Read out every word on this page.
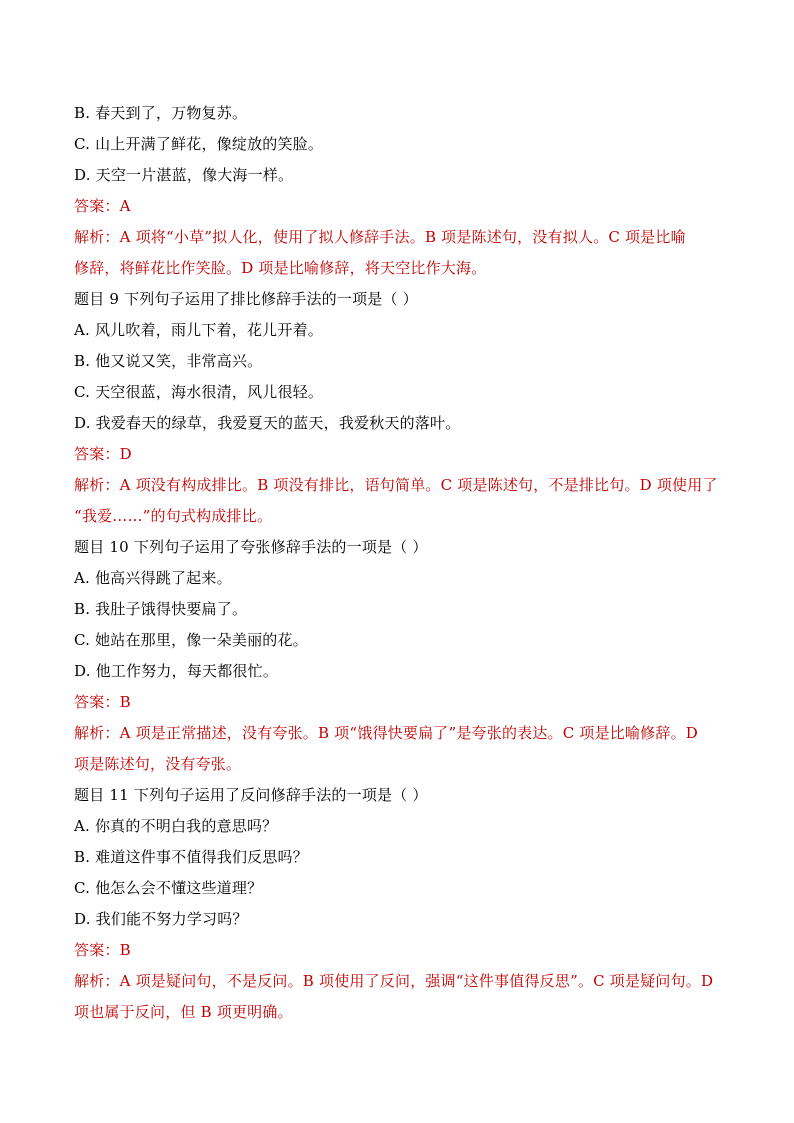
B. 春天到了，万物复苏。
C. 山上开满了鲜花，像绽放的笑脸。
D. 天空一片湛蓝，像大海一样。
答案：A
解析：A 项将“小草”拟人化，使用了拟人修辞手法。B 项是陈述句，没有拟人。C 项是比喻
修辞，将鲜花比作笑脸。D 项是比喻修辞，将天空比作大海。
题目 9 下列句子运用了排比修辞手法的一项是（ ）
A. 风儿吹着，雨儿下着，花儿开着。
B. 他又说又笑，非常高兴。
C. 天空很蓝，海水很清，风儿很轻。
D. 我爱春天的绿草，我爱夏天的蓝天，我爱秋天的落叶。
答案：D
解析：A 项没有构成排比。B 项没有排比，语句简单。C 项是陈述句，不是排比句。D 项使用了
“我爱……”的句式构成排比。
题目 10 下列句子运用了夸张修辞手法的一项是（ ）
A. 他高兴得跳了起来。
B. 我肚子饿得快要扁了。
C. 她站在那里，像一朵美丽的花。
D. 他工作努力，每天都很忙。
答案：B
解析：A 项是正常描述，没有夸张。B 项“饿得快要扁了”是夸张的表达。C 项是比喻修辞。D
项是陈述句，没有夸张。
题目 11 下列句子运用了反问修辞手法的一项是（ ）
A. 你真的不明白我的意思吗？
B. 难道这件事不值得我们反思吗？
C. 他怎么会不懂这些道理？
D. 我们能不努力学习吗？
答案：B
解析：A 项是疑问句，不是反问。B 项使用了反问，强调“这件事值得反思”。C 项是疑问句。D
项也属于反问，但 B 项更明确。
